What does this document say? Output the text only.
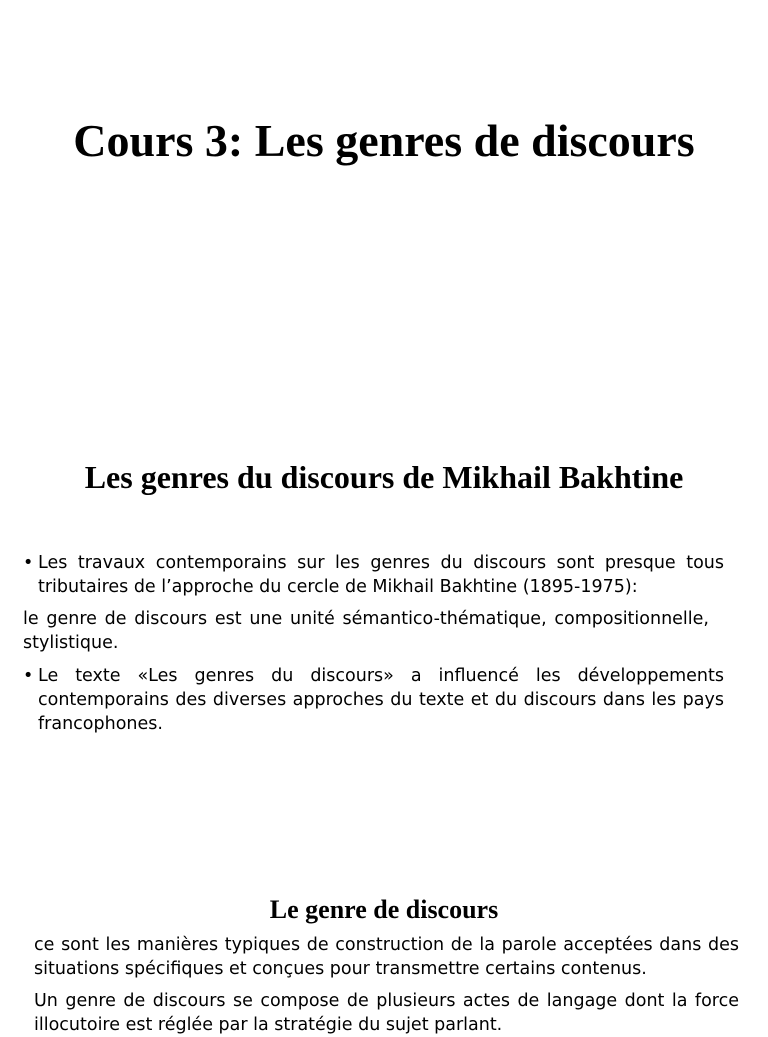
Cours 3: Les genres de discours
Les genres du discours de Mikhail Bakhtine

• Les travaux contemporains sur les genres du discours sont presque tous tributaires de l’approche du cercle de Mikhail Bakhtine (1895-1975):

le genre de discours est une unité sémantico-thématique, compositionnelle, stylistique.

• Le texte «Les genres du discours» a influencé les développements contemporains des diverses approches du texte et du discours dans les pays francophones.

Le genre de discours

ce sont les manières typiques de construction de la parole acceptées dans des situations spécifiques et conçues pour transmettre certains contenus.

Un genre de discours se compose de plusieurs actes de langage dont la force illocutoire est réglée par la stratégie du sujet parlant.
